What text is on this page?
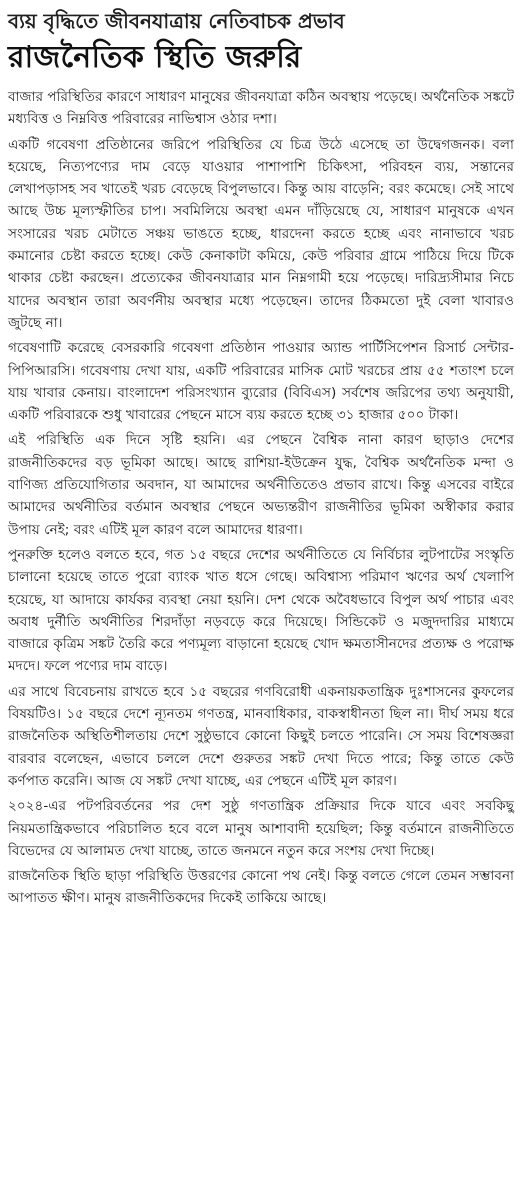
ব্যয় বৃদ্ধিতে জীবনযাত্রায় নেতিবাচক প্রভাব
রাজনৈতিক স্থিতি জরুরি

বাজার পরিস্থিতির কারণে সাধারণ মানুষের জীবনযাত্রা কঠিন অবস্থায় পড়েছে। অর্থনৈতিক সঙ্কটে মধ্যবিত্ত ও নিম্নবিত্ত পরিবারের নাভিশ্বাস ওঠার দশা।

একটি গবেষণা প্রতিষ্ঠানের জরিপে পরিস্থিতির যে চিত্র উঠে এসেছে তা উদ্বেগজনক। বলা হয়েছে, নিত্যপণ্যের দাম বেড়ে যাওয়ার পাশাপাশি চিকিৎসা, পরিবহন ব্যয়, সন্তানের লেখাপড়াসহ সব খাতেই খরচ বেড়েছে বিপুলভাবে। কিন্তু আয় বাড়েনি; বরং কমেছে। সেই সাথে আছে উচ্চ মূল্যস্ফীতির চাপ। সবমিলিয়ে অবস্থা এমন দাঁড়িয়েছে যে, সাধারণ মানুষকে এখন সংসারের খরচ মেটাতে সঞ্চয় ভাঙতে হচ্ছে, ধারদেনা করতে হচ্ছে এবং নানাভাবে খরচ কমানোর চেষ্টা করতে হচ্ছে। কেউ কেনাকাটা কমিয়ে, কেউ পরিবার গ্রামে পাঠিয়ে দিয়ে টিকে থাকার চেষ্টা করছেন। প্রত্যেকের জীবনযাত্রার মান নিম্নগামী হয়ে পড়েছে। দারিদ্র্যসীমার নিচে যাদের অবস্থান তারা অবর্ণনীয় অবস্থার মধ্যে পড়েছেন। তাদের ঠিকমতো দুই বেলা খাবারও জুটছে না।

গবেষণাটি করেছে বেসরকারি গবেষণা প্রতিষ্ঠান পাওয়ার অ্যান্ড পার্টিসিপেশন রিসার্চ সেন্টার-পিপিআরসি। গবেষণায় দেখা যায়, একটি পরিবারের মাসিক মোট খরচের প্রায় ৫৫ শতাংশ চলে যায় খাবার কেনায়। বাংলাদেশ পরিসংখ্যান ব্যুরোর (বিবিএস) সর্বশেষ জরিপের তথ্য অনুযায়ী, একটি পরিবারকে শুধু খাবারের পেছনে মাসে ব্যয় করতে হচ্ছে ৩১ হাজার ৫০০ টাকা।

এই পরিস্থিতি এক দিনে সৃষ্টি হয়নি। এর পেছনে বৈশ্বিক নানা কারণ ছাড়াও দেশের রাজনীতিকদের বড় ভূমিকা আছে। আছে রাশিয়া-ইউক্রেন যুদ্ধ, বৈশ্বিক অর্থনৈতিক মন্দা ও বাণিজ্য প্রতিযোগিতার অবদান, যা আমাদের অর্থনীতিতেও প্রভাব রাখে। কিন্তু এসবের বাইরে আমাদের অর্থনীতির বর্তমান অবস্থার পেছনে অভ্যন্তরীণ রাজনীতির ভূমিকা অস্বীকার করার উপায় নেই; বরং এটিই মূল কারণ বলে আমাদের ধারণা।

পুনরুক্তি হলেও বলতে হবে, গত ১৫ বছরে দেশের অর্থনীতিতে যে নির্বিচার লুটপাটের সংস্কৃতি চালানো হয়েছে তাতে পুরো ব্যাংক খাত ধসে গেছে। অবিশ্বাস্য পরিমাণ ঋণের অর্থ খেলাপি হয়েছে, যা আদায়ে কার্যকর ব্যবস্থা নেয়া হয়নি। দেশ থেকে অবৈধভাবে বিপুল অর্থ পাচার এবং অবাধ দুর্নীতি অর্থনীতির শিরদাঁড়া নড়বড়ে করে দিয়েছে। সিন্ডিকেট ও মজুদদারির মাধ্যমে বাজারে কৃত্রিম সঙ্কট তৈরি করে পণ্যমূল্য বাড়ানো হয়েছে খোদ ক্ষমতাসীনদের প্রত্যক্ষ ও পরোক্ষ মদদে। ফলে পণ্যের দাম বাড়ে।

এর সাথে বিবেচনায় রাখতে হবে ১৫ বছরের গণবিরোধী একনায়কতান্ত্রিক দুঃশাসনের কুফলের বিষয়টিও। ১৫ বছরে দেশে ন্যূনতম গণতন্ত্র, মানবাধিকার, বাকস্বাধীনতা ছিল না। দীর্ঘ সময় ধরে রাজনৈতিক অস্থিতিশীলতায় দেশে সুষ্ঠুভাবে কোনো কিছুই চলতে পারেনি। সে সময় বিশেষজ্ঞরা বারবার বলেছেন, এভাবে চললে দেশে গুরুতর সঙ্কট দেখা দিতে পারে; কিন্তু তাতে কেউ কর্ণপাত করেনি। আজ যে সঙ্কট দেখা যাচ্ছে, এর পেছনে এটিই মূল কারণ।

২০২৪-এর পটপরিবর্তনের পর দেশ সুষ্ঠু গণতান্ত্রিক প্রক্রিয়ার দিকে যাবে এবং সবকিছু নিয়মতান্ত্রিকভাবে পরিচালিত হবে বলে মানুষ আশাবাদী হয়েছিল; কিন্তু বর্তমানে রাজনীতিতে বিভেদের যে আলামত দেখা যাচ্ছে, তাতে জনমনে নতুন করে সংশয় দেখা দিচ্ছে।

রাজনৈতিক স্থিতি ছাড়া পরিস্থিতি উত্তরণের কোনো পথ নেই। কিন্তু বলতে গেলে তেমন সম্ভাবনা আপাতত ক্ষীণ। মানুষ রাজনীতিকদের দিকেই তাকিয়ে আছে।
